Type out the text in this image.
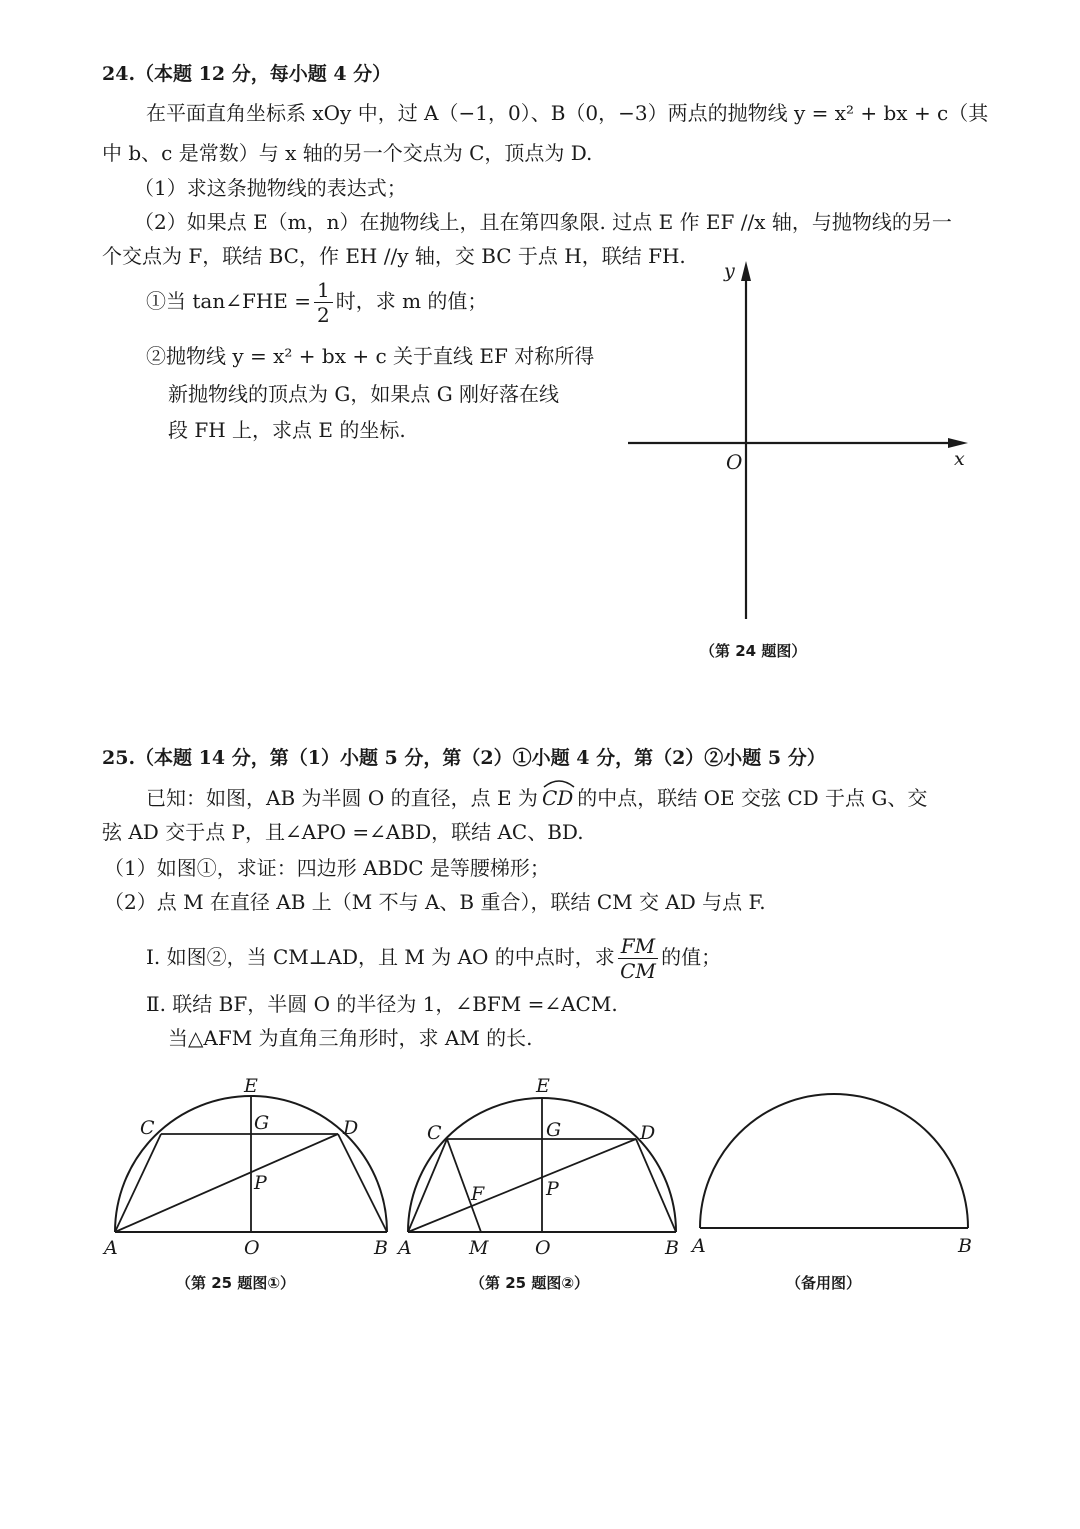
24.（本题 12 分，每小题 4 分）
在平面直角坐标系 xOy 中，过 A（−1，0）、B（0，−3）两点的抛物线 y = x² + bx + c（其
中 b、c 是常数）与 x 轴的另一个交点为 C，顶点为 D.
（1）求这条抛物线的表达式；
（2）如果点 E（m，n）在抛物线上，且在第四象限. 过点 E 作 EF //x 轴，与抛物线的另一
个交点为 F，联结 BC，作 EH //y 轴，交 BC 于点 H，联结 FH.
①当 tan∠FHE = $\frac{1}{2}$ 时，求 m 的值；
②抛物线 y = x² + bx + c 关于直线 EF 对称所得
新抛物线的顶点为 G，如果点 G 刚好落在线
段 FH 上，求点 E 的坐标.
y
x
O
（第 24 题图）
25.（本题 14 分，第（1）小题 5 分，第（2）①小题 4 分，第（2）②小题 5 分）
已知：如图，AB 为半圆 O 的直径，点 E 为 CD 的中点，联结 OE 交弦 CD 于点 G、交
弦 AD 交于点 P，且∠APO =∠ABD，联结 AC、BD.
（1）如图①，求证：四边形 ABDC 是等腰梯形；
（2）点 M 在直径 AB 上（M 不与 A、B 重合），联结 CM 交 AD 与点 F.
Ⅰ. 如图②，当 CM⊥AD，且 M 为 AO 的中点时，求 $\frac{FM}{CM}$ 的值；
Ⅱ. 联结 BF，半圆 O 的半径为 1，∠BFM =∠ACM.
当△AFM 为直角三角形时，求 AM 的长.
E
C	G	D
P
A	O	B
（第 25 题图①）
E
C	G	D
F	P
A	M O	B
（第 25 题图②）
A	B
（备用图）
